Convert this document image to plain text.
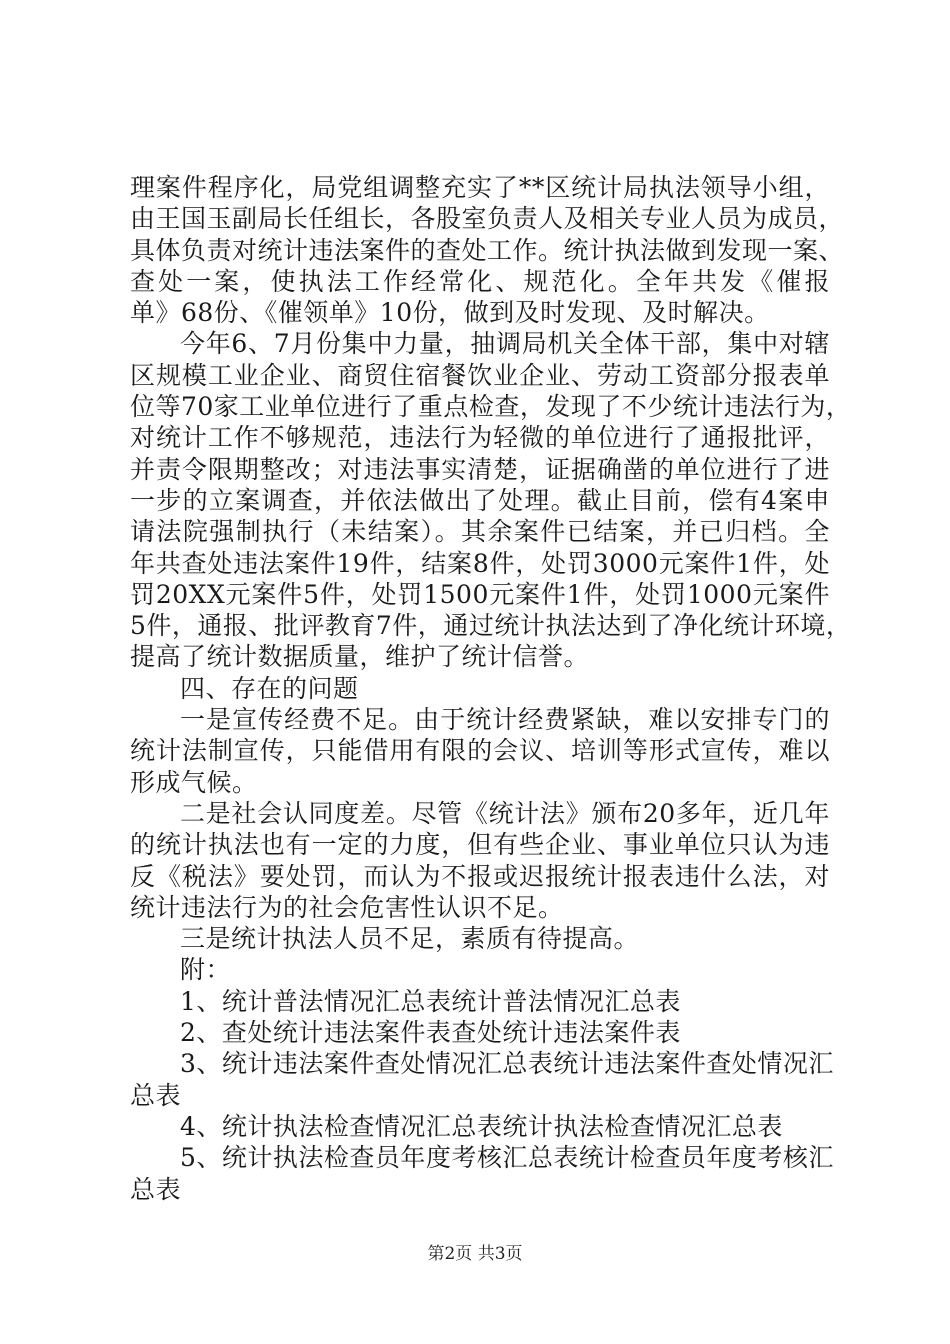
理案件程序化，局党组调整充实了**区统计局执法领导小组，
由王国玉副局长任组长，各股室负责人及相关专业人员为成员，
具体负责对统计违法案件的查处工作。统计执法做到发现一案、
查处一案，使执法工作经常化、规范化。全年共发《催报
单》68份、《催领单》10份，做到及时发现、及时解决。
今年6、7月份集中力量，抽调局机关全体干部，集中对辖
区规模工业企业、商贸住宿餐饮业企业、劳动工资部分报表单
位等70家工业单位进行了重点检查，发现了不少统计违法行为，
对统计工作不够规范，违法行为轻微的单位进行了通报批评，
并责令限期整改；对违法事实清楚，证据确凿的单位进行了进
一步的立案调查，并依法做出了处理。截止目前，偿有4案申
请法院强制执行（未结案）。其余案件已结案，并已归档。全
年共查处违法案件19件，结案8件，处罚3000元案件1件，处
罚20XX元案件5件，处罚1500元案件1件，处罚1000元案件
5件，通报、批评教育7件，通过统计执法达到了净化统计环境，
提高了统计数据质量，维护了统计信誉。
四、存在的问题
一是宣传经费不足。由于统计经费紧缺，难以安排专门的
统计法制宣传，只能借用有限的会议、培训等形式宣传，难以
形成气候。
二是社会认同度差。尽管《统计法》颁布20多年，近几年
的统计执法也有一定的力度，但有些企业、事业单位只认为违
反《税法》要处罚，而认为不报或迟报统计报表违什么法，对
统计违法行为的社会危害性认识不足。
三是统计执法人员不足，素质有待提高。
附：
1、统计普法情况汇总表统计普法情况汇总表
2、查处统计违法案件表查处统计违法案件表
3、统计违法案件查处情况汇总表统计违法案件查处情况汇
总表
4、统计执法检查情况汇总表统计执法检查情况汇总表
5、统计执法检查员年度考核汇总表统计检查员年度考核汇
总表
第2页 共3页
